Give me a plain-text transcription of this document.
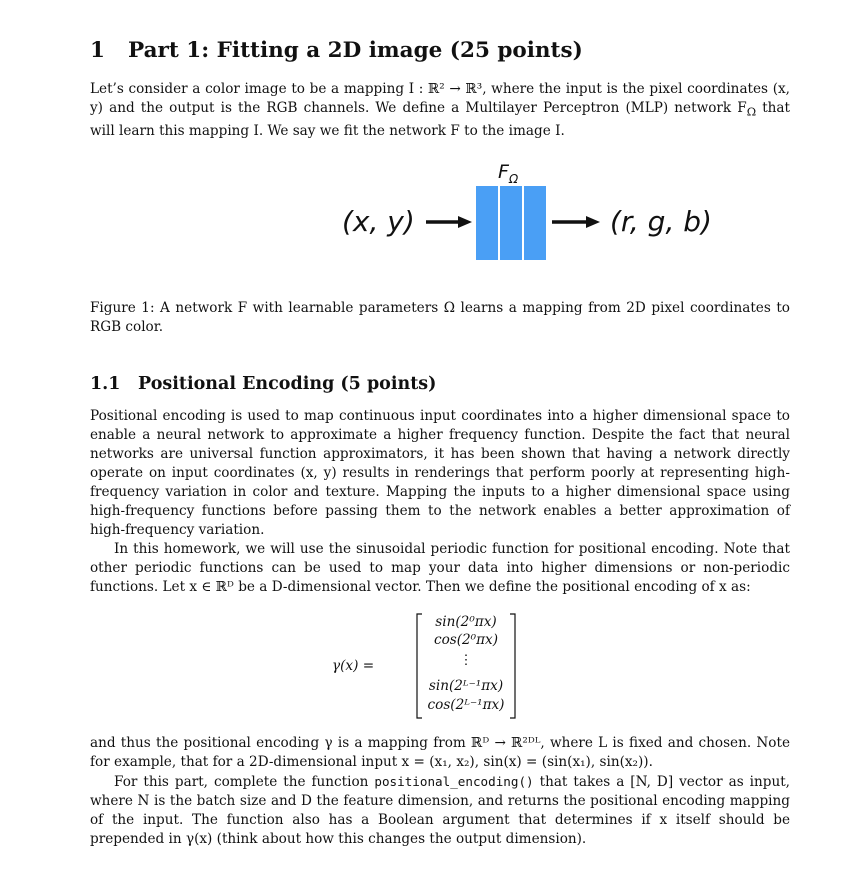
1 Part 1: Fitting a 2D image (25 points)

Let’s consider a color image to be a mapping I : ℝ² → ℝ³, where the input is the pixel coordinates (x, y) and the output is the RGB channels. We define a Multilayer Perceptron (MLP) network $F_\Omega$ that will learn this mapping I. We say we fit the network F to the image I.

$F_\Omega$
(x, y)	(r, g, b)

Figure 1: A network F with learnable parameters Ω learns a mapping from 2D pixel coordinates to RGB color.

1.1 Positional Encoding (5 points)

Positional encoding is used to map continuous input coordinates into a higher dimensional space to enable a neural network to approximate a higher frequency function. Despite the fact that neural networks are universal function approximators, it has been shown that having a network directly operate on input coordinates (x, y) results in renderings that perform poorly at representing high-frequency variation in color and texture. Mapping the inputs to a higher dimensional space using high-frequency functions before passing them to the network enables a better approximation of high-frequency variation.

In this homework, we will use the sinusoidal periodic function for positional encoding. Note that other periodic functions can be used to map your data into higher dimensions or non-periodic functions. Let x ∈ ℝᴰ be a D-dimensional vector. Then we define the positional encoding of x as:

and thus the positional encoding γ is a mapping from ℝᴰ → ℝ²ᴰᴸ, where L is fixed and chosen. Note for example, that for a 2D-dimensional input x = (x₁, x₂), sin(x) = (sin(x₁), sin(x₂)).

For this part, complete the function positional_encoding() that takes a [N, D] vector as input, where N is the batch size and D the feature dimension, and returns the positional encoding mapping of the input. The function also has a Boolean argument that determines if x itself should be prepended in γ(x) (think about how this changes the output dimension).

γ(x) =
sin(2⁰πx)
cos(2⁰πx)
⋮
sin(2ᴸ⁻¹πx)
cos(2ᴸ⁻¹πx)
